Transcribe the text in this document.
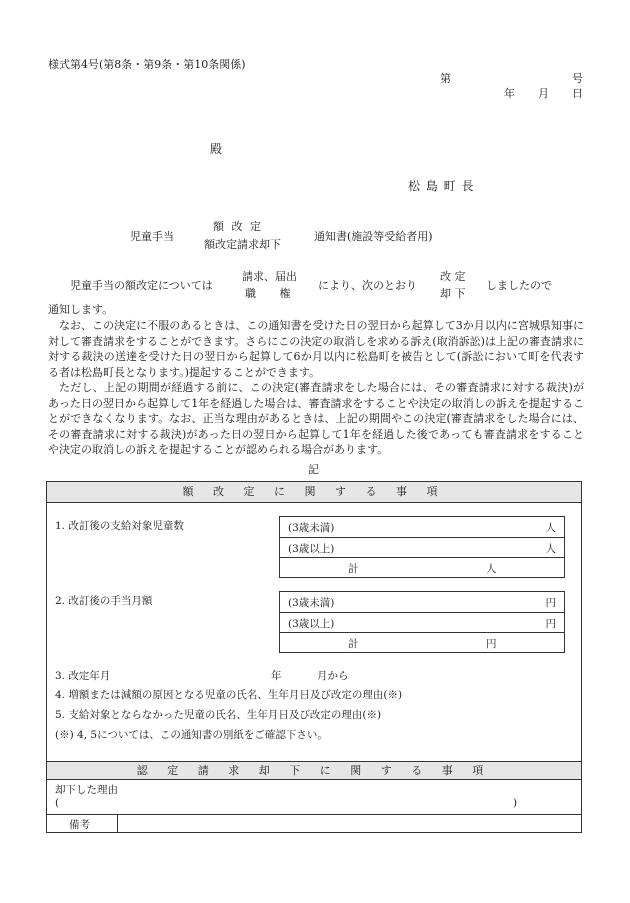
様式第4号(第8条・第9条・第10条関係)
第	号
年 月 日
殿
松 島 町 長
児童手当
額 改 定
額改定請求却下
通知書(施設等受給者用)
児童手当の額改定については
請求、届出
職 権
により、次のとおり
改 定
却 下
しましたので
通知します。
なお、この決定に不服のあるときは、この通知書を受けた日の翌日から起算して3か月以内に宮城県知事に対して審査請求をすることができます。さらにこの決定の取消しを求める訴え(取消訴訟)は上記の審査請求に対する裁決の送達を受けた日の翌日から起算して6か月以内に松島町を被告として(訴訟において町を代表する者は松島町長となります。)提起することができます。
ただし、上記の期間が経過する前に、この決定(審査請求をした場合には、その審査請求に対する裁決)があった日の翌日から起算して1年を経過した場合は、審査請求をすることや決定の取消しの訴えを提起することができなくなります。なお、正当な理由があるときは、上記の期間やこの決定(審査請求をした場合には、その審査請求に対する裁決)があった日の翌日から起算して1年を経過した後であっても審査請求をすることや決定の取消しの訴えを提起することが認められる場合があります。
記
額 改 定 に 関 す る 事 項
1. 改訂後の支給対象児童数	(3歳未満)	人
(3歳以上)	人
計	人
2. 改訂後の手当月額	(3歳未満)	円
(3歳以上)	円
計	円
3. 改定年月	年	月から
4. 増額または減額の原因となる児童の氏名、生年月日及び改定の理由(※)
5. 支給対象とならなかった児童の氏名、生年月日及び改定の理由(※)
(※) 4, 5については、この通知書の別紙をご確認下さい。
認 定 請 求 却 下 に 関 す る 事 項
却下した理由
(	)
備考
